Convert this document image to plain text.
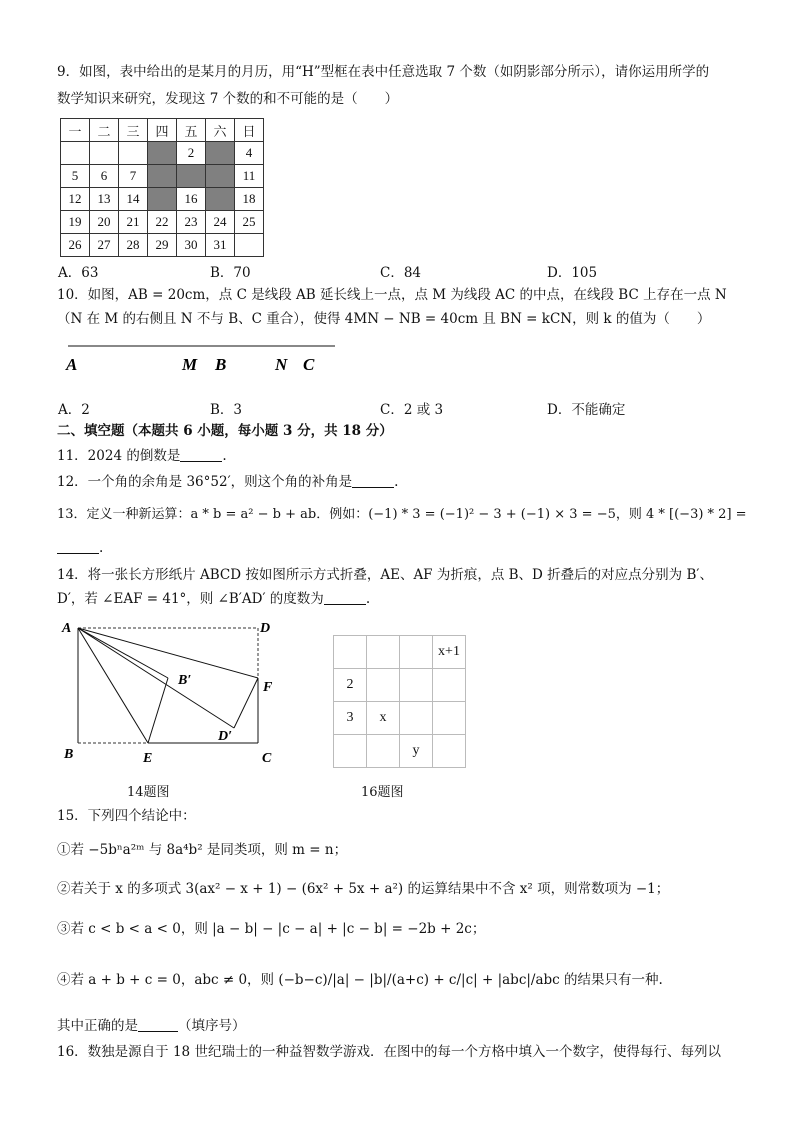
9．如图，表中给出的是某月的月历，用“H”型框在表中任意选取 7 个数（如阴影部分所示），请你运用所学的
数学知识来研究，发现这 7 个数的和不可能的是（　　）
一	二	三	四	五	六	日
				2		4
5	6	7				11
12	13	14		16		18
19	20	21	22	23	24	25
26	27	28	29	30	31	
A．63	B．70	C．84	D．105
10．如图，AB = 20cm，点 C 是线段 AB 延长线上一点，点 M 为线段 AC 的中点，在线段 BC 上存在一点 N
（N 在 M 的右侧且 N 不与 B、C 重合），使得 4MN − NB = 40cm 且 BN = kCN，则 k 的值为（　　）
A	M B	N C
A．2	B．3	C．2 或 3	D．不能确定
二、填空题（本题共 6 小题，每小题 3 分，共 18 分）
11．2024 的倒数是	.
12．一个角的余角是 36°52′，则这个角的补角是	.
13．定义一种新运算：a * b = a² − b + ab．例如：(−1) * 3 = (−1)² − 3 + (−1) × 3 = −5，则 4 * [(−3) * 2] =
.
14．将一张长方形纸片 ABCD 按如图所示方式折叠，AE、AF 为折痕，点 B、D 折叠后的对应点分别为 B′、
D′，若 ∠EAF = 41°，则 ∠B′AD′ 的度数为	.
A	D
B′	F
D′
B	E	C
14题图
			x+1
2			
3	x		
		y	
16题图
15．下列四个结论中：
①若 −5bⁿa²ᵐ 与 8a⁴b² 是同类项，则 m = n；
②若关于 x 的多项式 3(ax² − x + 1) − (6x² + 5x + a²) 的运算结果中不含 x² 项，则常数项为 −1；
③若 c < b < a < 0，则 |a − b| − |c − a| + |c − b| = −2b + 2c；
④若 a + b + c = 0，abc ≠ 0，则 (−b−c)/|a| − |b|/(a+c) + c/|c| + |abc|/abc 的结果只有一种.
其中正确的是	（填序号）
16．数独是源自于 18 世纪瑞士的一种益智数学游戏．在图中的每一个方格中填入一个数字，使得每行、每列以
